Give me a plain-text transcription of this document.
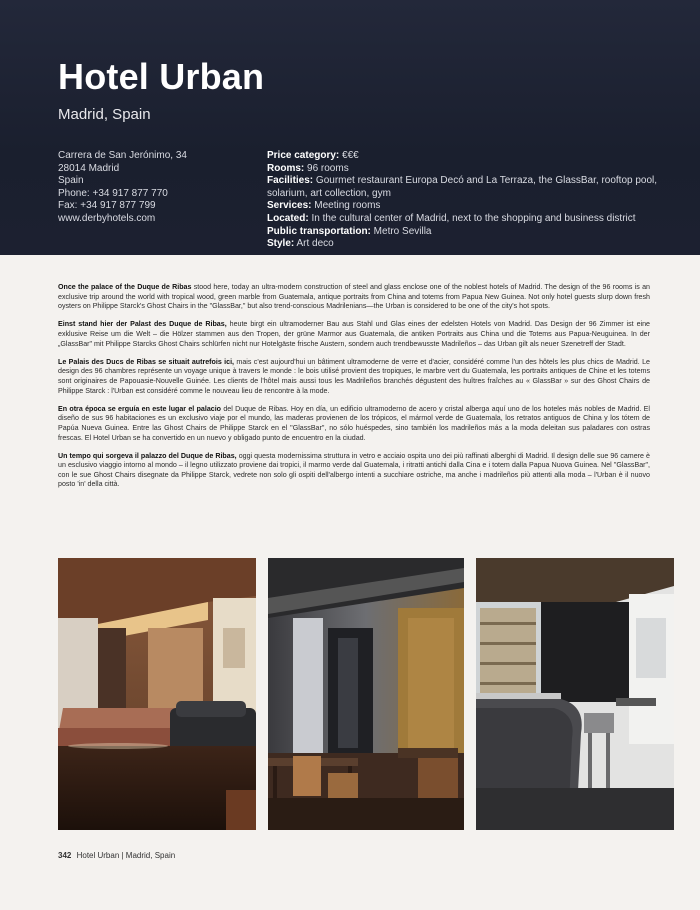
Hotel Urban
Madrid, Spain
Carrera de San Jerónimo, 34
28014 Madrid
Spain
Phone: +34 917 877 770
Fax: +34 917 877 799
www.derbyhotels.com
Price category: €€€
Rooms: 96 rooms
Facilities: Gourmet restaurant Europa Decó and La Terraza, the GlassBar, rooftop pool, solarium, art collection, gym
Services: Meeting rooms
Located: In the cultural center of Madrid, next to the shopping and business district
Public transportation: Metro Sevilla
Style: Art deco

Once the palace of the Duque de Ribas stood here, today an ultra-modern construction of steel and glass enclose one of the noblest hotels of Madrid. The design of the 96 rooms is an exclusive trip around the world with tropical wood, green marble from Guatemala, antique portraits from China and totems from Papua New Guinea. Not only hotel guests slurp down fresh oysters on Philippe Starck's Ghost Chairs in the "GlassBar," but also trend-conscious Madrilenians—the Urban is considered to be one of the city's hot spots.

Einst stand hier der Palast des Duque de Ribas, heute birgt ein ultramoderner Bau aus Stahl und Glas eines der edelsten Hotels von Madrid. Das Design der 96 Zimmer ist eine exklusive Reise um die Welt – die Hölzer stammen aus den Tropen, der grüne Marmor aus Guatemala, die antiken Portraits aus China und die Totems aus Papua-Neuguinea. In der „GlassBar" mit Philippe Starcks Ghost Chairs schlürfen nicht nur Hotelgäste frische Austern, sondern auch trendbewusste Madrileños – das Urban gilt als neuer Szenetreff der Stadt.

Le Palais des Ducs de Ribas se situait autrefois ici, mais c'est aujourd'hui un bâtiment ultramoderne de verre et d'acier, considéré comme l'un des hôtels les plus chics de Madrid. Le design des 96 chambres représente un voyage unique à travers le monde : le bois utilisé provient des tropiques, le marbre vert du Guatemala, les portraits antiques de Chine et les totems sont originaires de Papouasie-Nouvelle Guinée. Les clients de l'hôtel mais aussi tous les Madrileños branchés dégustent des huîtres fraîches au « GlassBar » sur des Ghost Chairs de Philippe Starck : l'Urban est considéré comme le nouveau lieu de rencontre à la mode.

En otra época se erguía en este lugar el palacio del Duque de Ribas. Hoy en día, un edificio ultramoderno de acero y cristal alberga aquí uno de los hoteles más nobles de Madrid. El diseño de sus 96 habitaciones es un exclusivo viaje por el mundo, las maderas provienen de los trópicos, el mármol verde de Guatemala, los retratos antiguos de China y los tótem de Papúa Nueva Guinea. Entre las Ghost Chairs de Philippe Starck en el "GlassBar", no sólo huéspedes, sino también los madrileños más a la moda deleitan sus paladares con ostras frescas. El Hotel Urban se ha convertido en un nuevo y obligado punto de encuentro en la ciudad.

Un tempo qui sorgeva il palazzo del Duque de Ribas, oggi questa modernissima struttura in vetro e acciaio ospita uno dei più raffinati alberghi di Madrid. Il design delle sue 96 camere è un esclusivo viaggio intorno al mondo – il legno utilizzato proviene dai tropici, il marmo verde dal Guatemala, i ritratti antichi dalla Cina e i totem dalla Papua Nuova Guinea. Nel "GlassBar", con le sue Ghost Chairs disegnate da Philippe Starck, vedrete non solo gli ospiti dell'albergo intenti a succhiare ostriche, ma anche i madrileños più attenti alla moda – l'Urban è il nuovo posto 'in' della città.

342 Hotel Urban | Madrid, Spain
